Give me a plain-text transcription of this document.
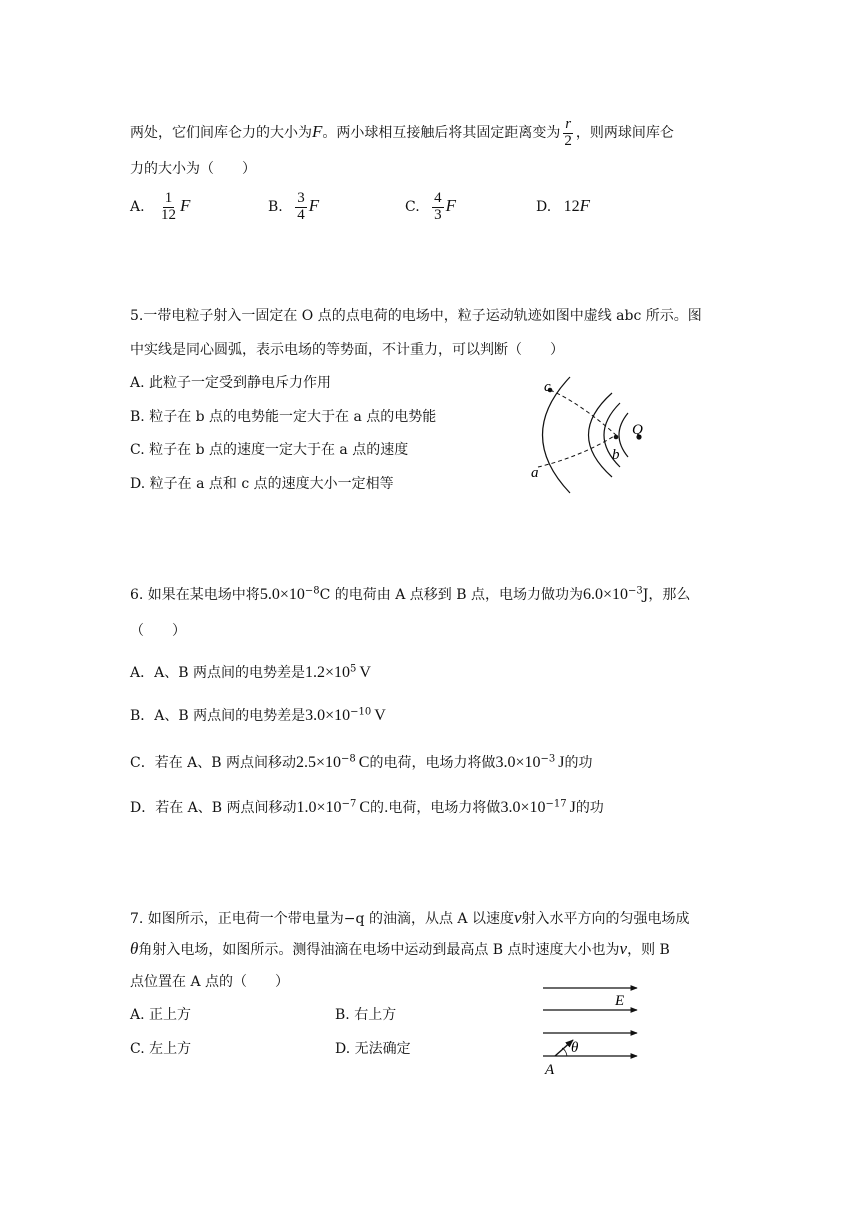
两处，它们间库仑力的大小为F。两小球相互接触后将其固定距离变为 $\frac{r}{2}$ ，则两球间库仑
力的大小为（　　）
A. $\frac{1}{12}$ F	B. $\frac{3}{4}$ F	C. $\frac{4}{3}$ F	D. 12F
5.一带电粒子射入一固定在 O 点的点电荷的电场中，粒子运动轨迹如图中虚线 abc 所示。图
中实线是同心圆弧，表示电场的等势面，不计重力，可以判断（　　）
A. 此粒子一定受到静电斥力作用
B. 粒子在 b 点的电势能一定大于在 a 点的电势能
C. 粒子在 b 点的速度一定大于在 a 点的速度
D. 粒子在 a 点和 c 点的速度大小一定相等
c
b
Q
a
6. 如果在某电场中将$5.0\times 10^{-8}C$ 的电荷由 A 点移到 B 点，电场力做功为$6.0\times 10^{-3}J$，那么
（　　）
A．A、B 两点间的电势差是$1.2\times 10^5$ V
B．A、B 两点间的电势差是$3.0\times 10^{-10}$ V
C．若在 A、B 两点间移动$2.5\times 10^{-8}$ C的电荷，电场力将做$3.0\times 10^{-3}$ J的功
D．若在 A、B 两点间移动$1.0\times 10^{-7}$ C的.电荷，电场力将做$3.0\times 10^{-17}$ J的功
7. 如图所示，正电荷一个带电量为−q 的油滴，从点 A 以速度v射入水平方向的匀强电场成
θ角射入电场，如图所示。测得油滴在电场中运动到最高点 B 点时速度大小也为v，则 B
点位置在 A 点的（　　）
A. 正上方	B. 右上方
C. 左上方	D. 无法确定
E
θ
A
